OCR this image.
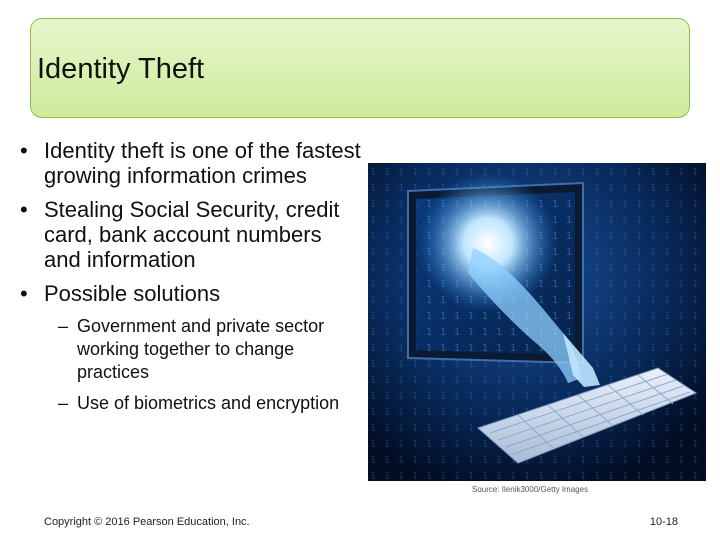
Identity Theft
• Identity theft is one of the fastest growing information crimes
• Stealing Social Security, credit card, bank account numbers and information
• Possible solutions
– Government and private sector working together to change practices
– Use of biometrics and encryption
Source: Ilenik3000/Getty Images
Copyright © 2016 Pearson Education, Inc.	10-18
